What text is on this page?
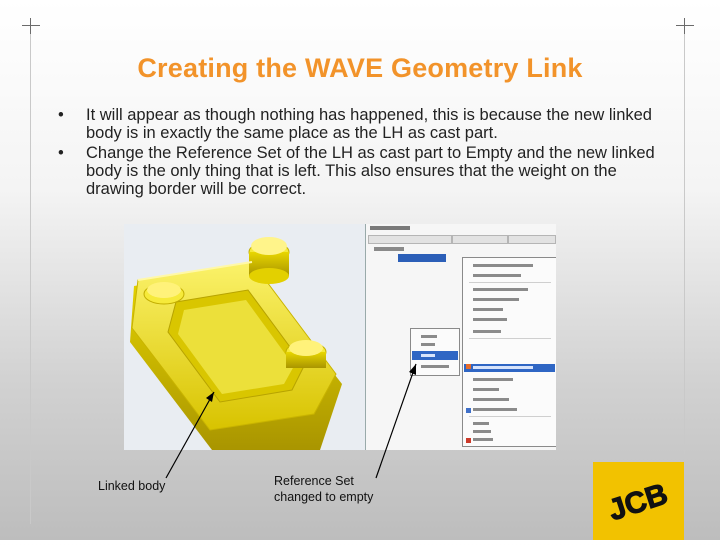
Creating the WAVE Geometry Link
• It will appear as though nothing has happened, this is because the new linked body is in exactly the same place as the LH as cast part.
• Change the Reference Set of the LH as cast part to Empty and the new linked body is the only thing that is left. This also ensures that the weight on the drawing border will be correct.
Linked body	Reference Set changed to empty	JCB
